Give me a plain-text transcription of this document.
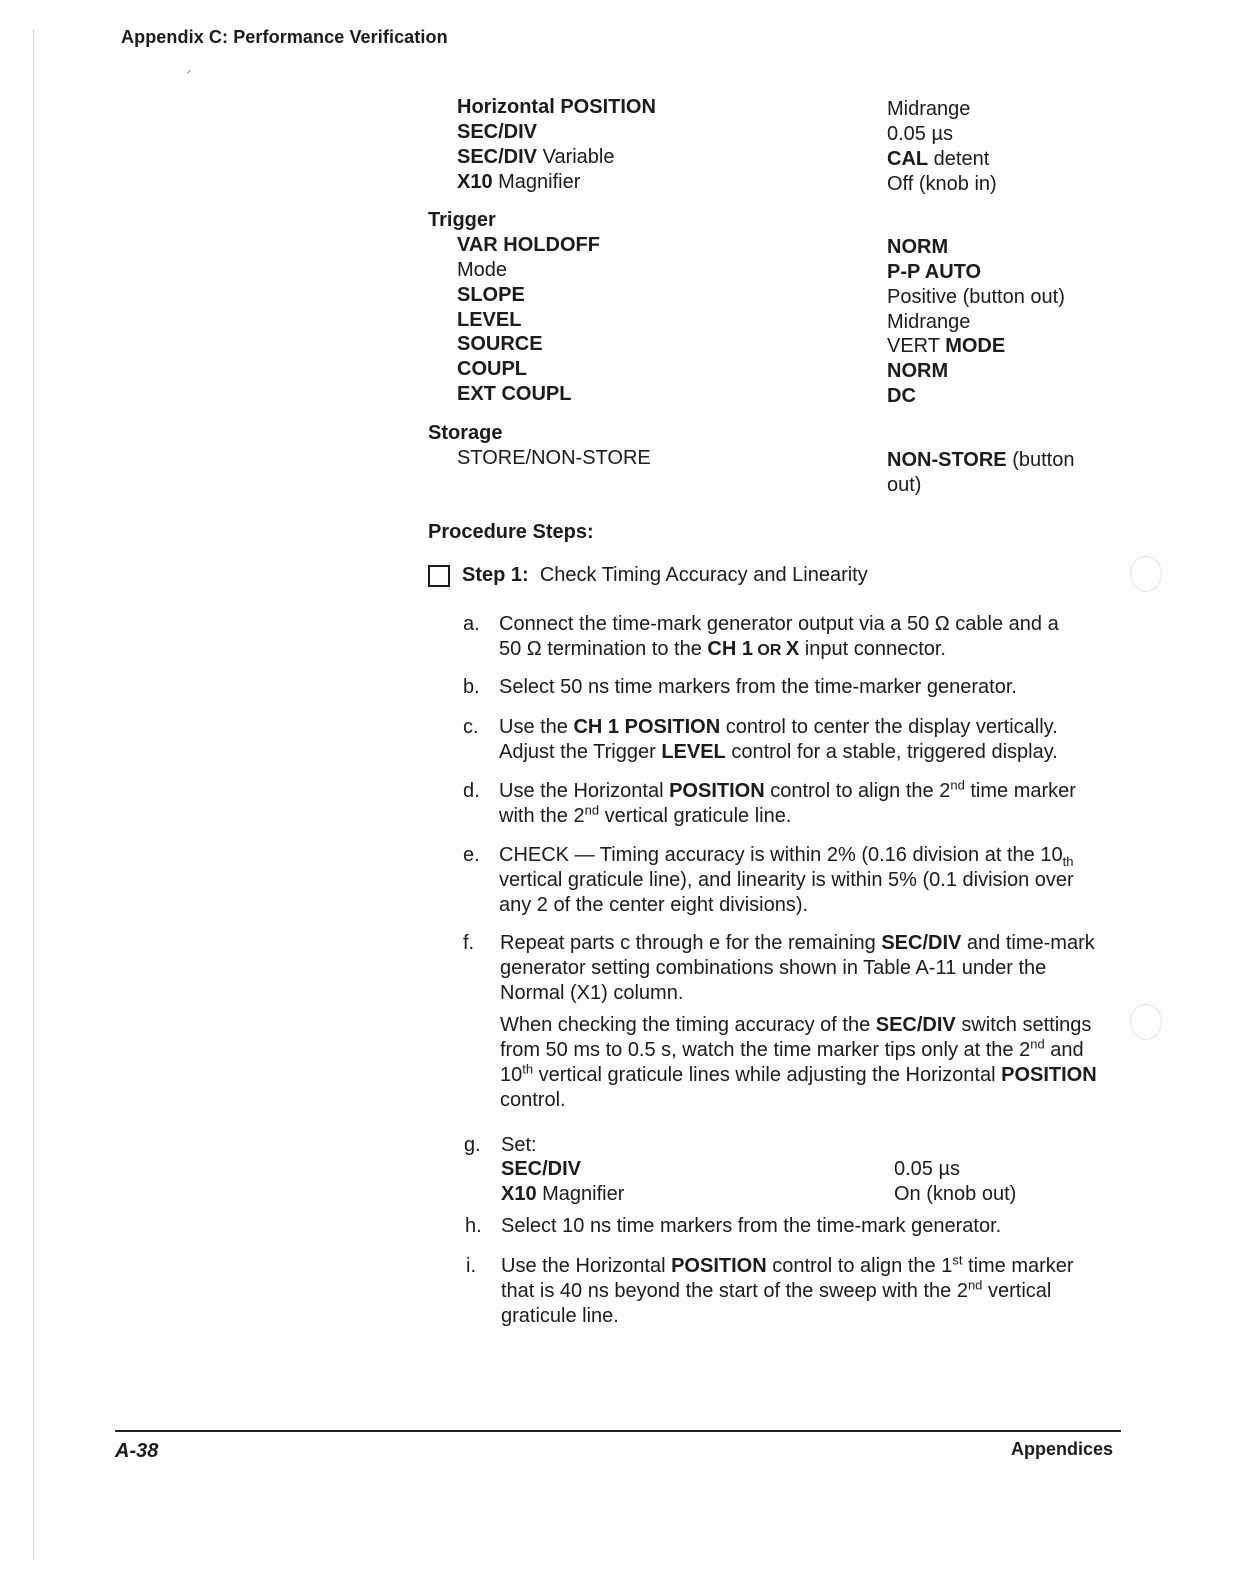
Appendix C: Performance Verification
⸝
Horizontal POSITION	Midrange
SEC/DIV	0.05 µs
SEC/DIV Variable	CAL detent
X10 Magnifier	Off (knob in)
Trigger
VAR HOLDOFF	NORM
Mode	P-P AUTO
SLOPE	Positive (button out)
LEVEL	Midrange
SOURCE	VERT MODE
COUPL	NORM
EXT COUPL	DC
Storage
STORE/NON-STORE	NON-STORE (button
out)
Procedure Steps:
Step 1: Check Timing Accuracy and Linearity
a. Connect the time-mark generator output via a 50 Ω cable and a
50 Ω termination to the CH 1 OR X input connector.
b. Select 50 ns time markers from the time-marker generator.
c. Use the CH 1 POSITION control to center the display vertically.
Adjust the Trigger LEVEL control for a stable, triggered display.
d. Use the Horizontal POSITION control to align the 2nd time marker
with the 2nd vertical graticule line.
e. CHECK — Timing accuracy is within 2% (0.16 division at the $10_{th}$
vertical graticule line), and linearity is within 5% (0.1 division over
any 2 of the center eight divisions).
f. Repeat parts c through e for the remaining SEC/DIV and time-mark
generator setting combinations shown in Table A-11 under the
Normal (X1) column.
When checking the timing accuracy of the SEC/DIV switch settings
from 50 ms to 0.5 s, watch the time marker tips only at the 2nd and
10th vertical graticule lines while adjusting the Horizontal POSITION
control.
g. Set:
SEC/DIV	0.05 µs
X10 Magnifier	On (knob out)
h. Select 10 ns time markers from the time-mark generator.
i. Use the Horizontal POSITION control to align the 1st time marker
that is 40 ns beyond the start of the sweep with the 2nd vertical
graticule line.
A-38	Appendices
